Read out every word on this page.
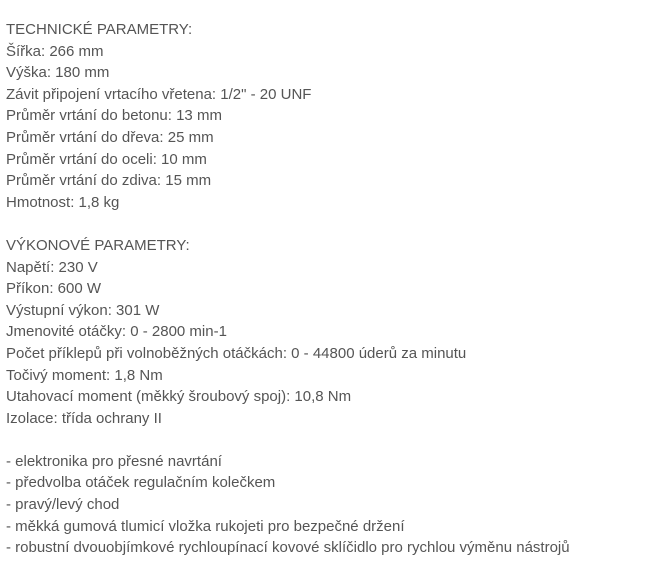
TECHNICKÉ PARAMETRY:
Šířka: 266 mm
Výška: 180 mm
Závit připojení vrtacího vřetena: 1/2" - 20 UNF
Průměr vrtání do betonu: 13 mm
Průměr vrtání do dřeva: 25 mm
Průměr vrtání do oceli: 10 mm
Průměr vrtání do zdiva: 15 mm
Hmotnost: 1,8 kg
VÝKONOVÉ PARAMETRY:
Napětí: 230 V
Příkon: 600 W
Výstupní výkon: 301 W
Jmenovité otáčky: 0 - 2800 min-1
Počet příklepů při volnoběžných otáčkách: 0 - 44800 úderů za minutu
Točivý moment: 1,8 Nm
Utahovací moment (měkký šroubový spoj): 10,8 Nm
Izolace: třída ochrany II
- elektronika pro přesné navrtání
- předvolba otáček regulačním kolečkem
- pravý/levý chod
- měkká gumová tlumicí vložka rukojeti pro bezpečné držení
- robustní dvouobjímkové rychloupínací kovové sklíčidlo pro rychlou výměnu nástrojů
